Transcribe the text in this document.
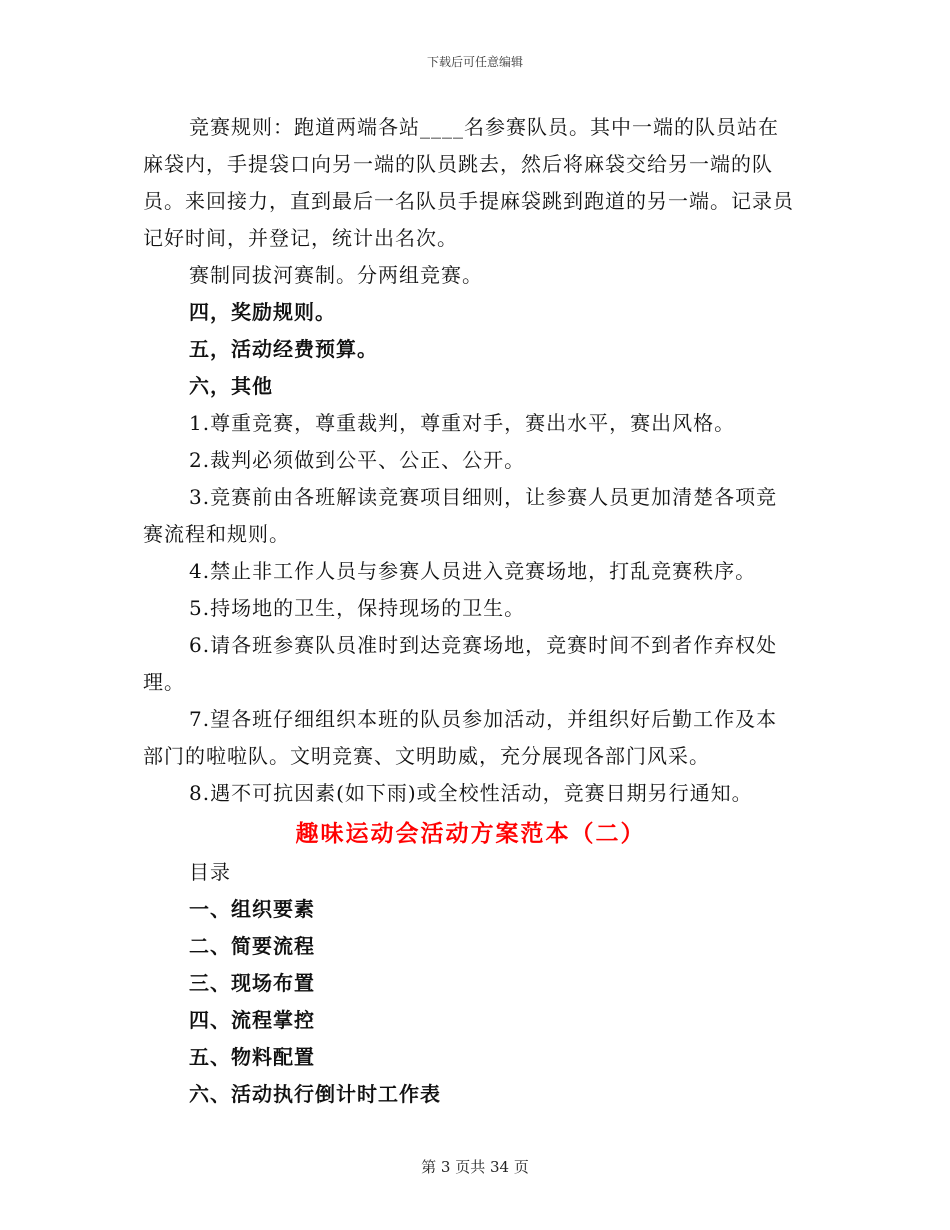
下载后可任意编辑

竞赛规则：跑道两端各站____名参赛队员。其中一端的队员站在麻袋内，手提袋口向另一端的队员跳去，然后将麻袋交给另一端的队员。来回接力，直到最后一名队员手提麻袋跳到跑道的另一端。记录员记好时间，并登记，统计出名次。

赛制同拔河赛制。分两组竞赛。

四，奖励规则。

五，活动经费预算。

六，其他

1.尊重竞赛，尊重裁判，尊重对手，赛出水平，赛出风格。

2.裁判必须做到公平、公正、公开。

3.竞赛前由各班解读竞赛项目细则，让参赛人员更加清楚各项竞赛流程和规则。

4.禁止非工作人员与参赛人员进入竞赛场地，打乱竞赛秩序。

5.持场地的卫生，保持现场的卫生。

6.请各班参赛队员准时到达竞赛场地，竞赛时间不到者作弃权处理。

7.望各班仔细组织本班的队员参加活动，并组织好后勤工作及本部门的啦啦队。文明竞赛、文明助威，充分展现各部门风采。

8.遇不可抗因素(如下雨)或全校性活动，竞赛日期另行通知。

趣味运动会活动方案范本（二）

目录

一、组织要素

二、简要流程

三、现场布置

四、流程掌控

五、物料配置

六、活动执行倒计时工作表

第 3 页共 34 页
